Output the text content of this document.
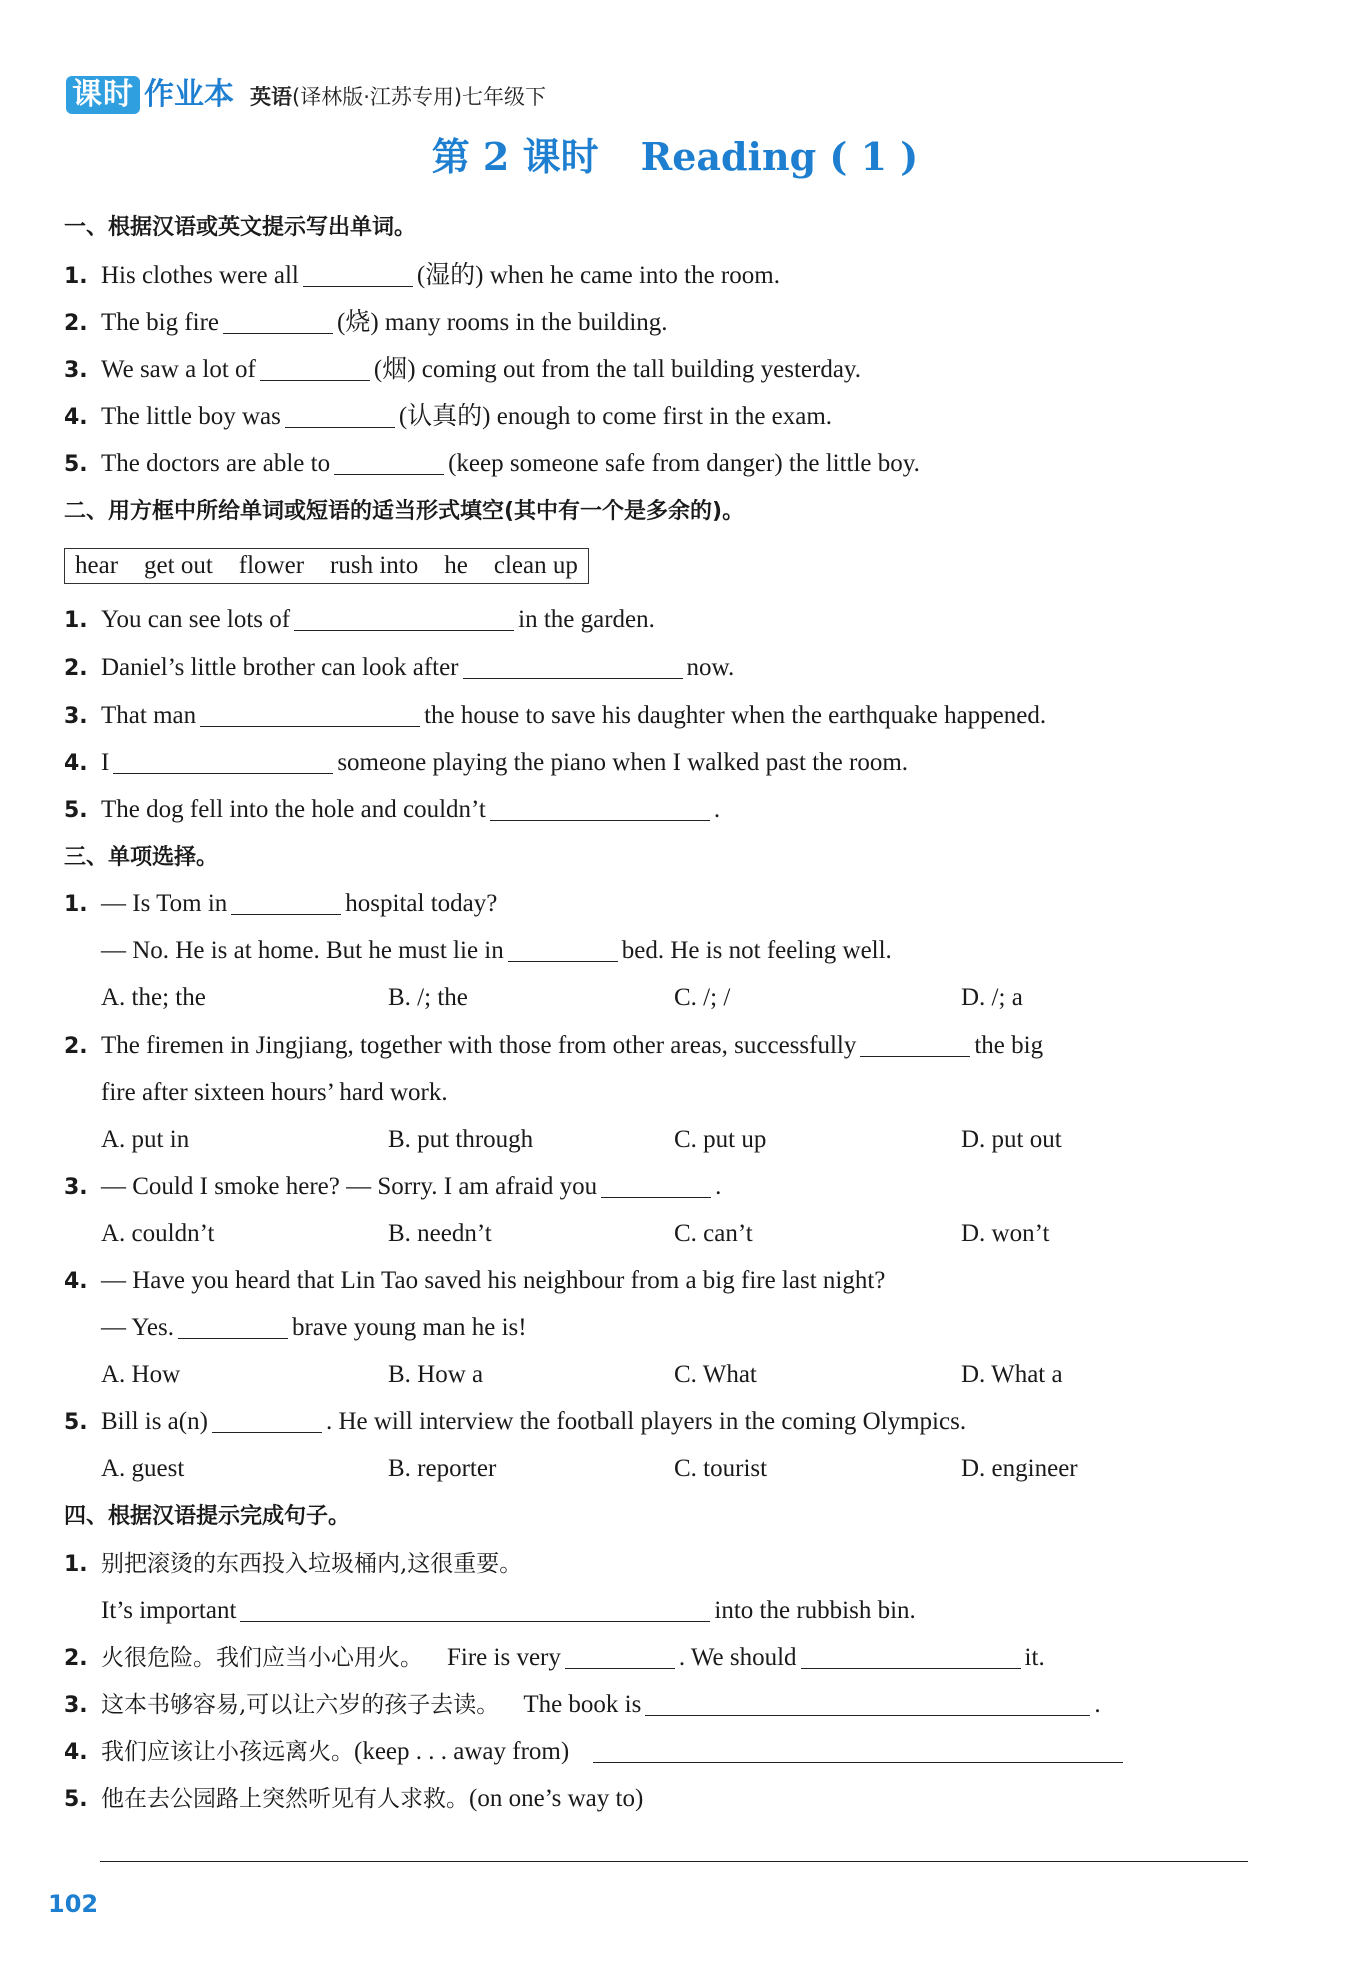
课时 作业本 英语(译林版·江苏专用)七年级下
第 2 课时 Reading ( 1 )
一、根据汉语或英文提示写出单词。
1. His clothes were all	(湿的) when he came into the room.
2. The big fire	(烧) many rooms in the building.
3. We saw a lot of	(烟) coming out from the tall building yesterday.
4. The little boy was	(认真的) enough to come first in the exam.
5. The doctors are able to	(keep someone safe from danger) the little boy.
二、用方框中所给单词或短语的适当形式填空(其中有一个是多余的)。
hear get out flower rush into he clean up
1. You can see lots of	in the garden.
2. Daniel’s little brother can look after	now.
3. That man	the house to save his daughter when the earthquake happened.
4. I	someone playing the piano when I walked past the room.
5. The dog fell into the hole and couldn’t	.
三、单项选择。
1. — Is Tom in	hospital today?
— No. He is at home. But he must lie in	bed. He is not feeling well.
A. the; the	B. /; the	C. /; /	D. /; a
2. The firemen in Jingjiang, together with those from other areas, successfully	the big
fire after sixteen hours’ hard work.
A. put in	B. put through	C. put up	D. put out
3. — Could I smoke here? — Sorry. I am afraid you	.
A. couldn’t	B. needn’t	C. can’t	D. won’t
4. — Have you heard that Lin Tao saved his neighbour from a big fire last night?
— Yes.	brave young man he is!
A. How	B. How a	C. What	D. What a
5. Bill is a(n)	. He will interview the football players in the coming Olympics.
A. guest	B. reporter	C. tourist	D. engineer
四、根据汉语提示完成句子。
1. 别把滚烫的东西投入垃圾桶内,这很重要。
It’s important	into the rubbish bin.
2. 火很危险。我们应当小心用火。 Fire is very	. We should	it.
3. 这本书够容易,可以让六岁的孩子去读。 The book is	.
4. 我们应该让小孩远离火。(keep . . . away from)
5. 他在去公园路上突然听见有人求救。(on one’s way to)
102
